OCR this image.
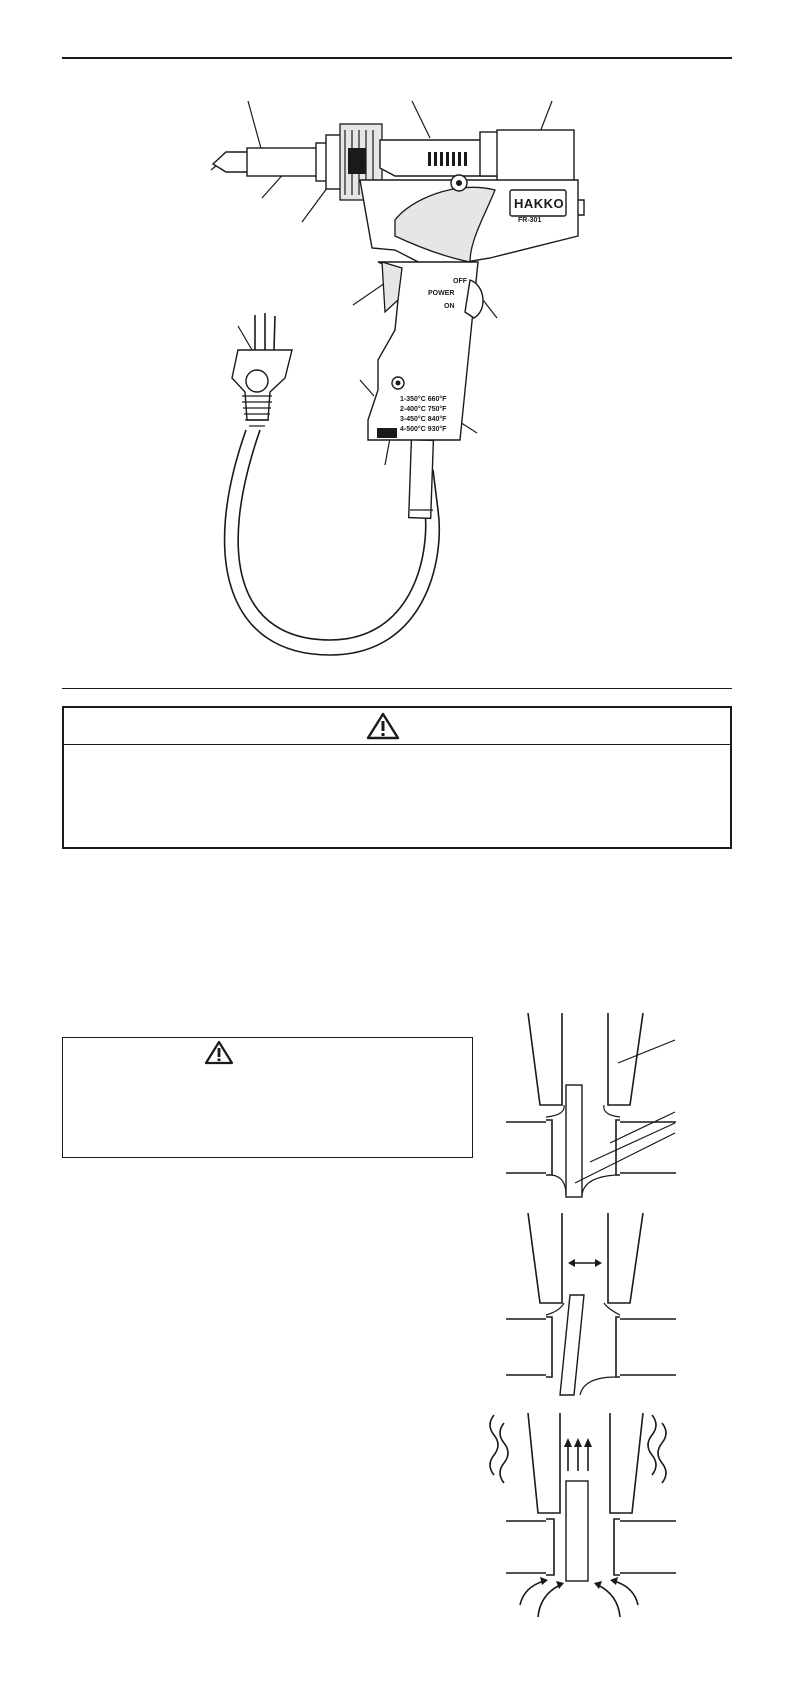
HAKKO
FR-301
OFF
POWER
ON
1-350°C 660°F
2-400°C 750°F
3-450°C 840°F
4-500°C 930°F
